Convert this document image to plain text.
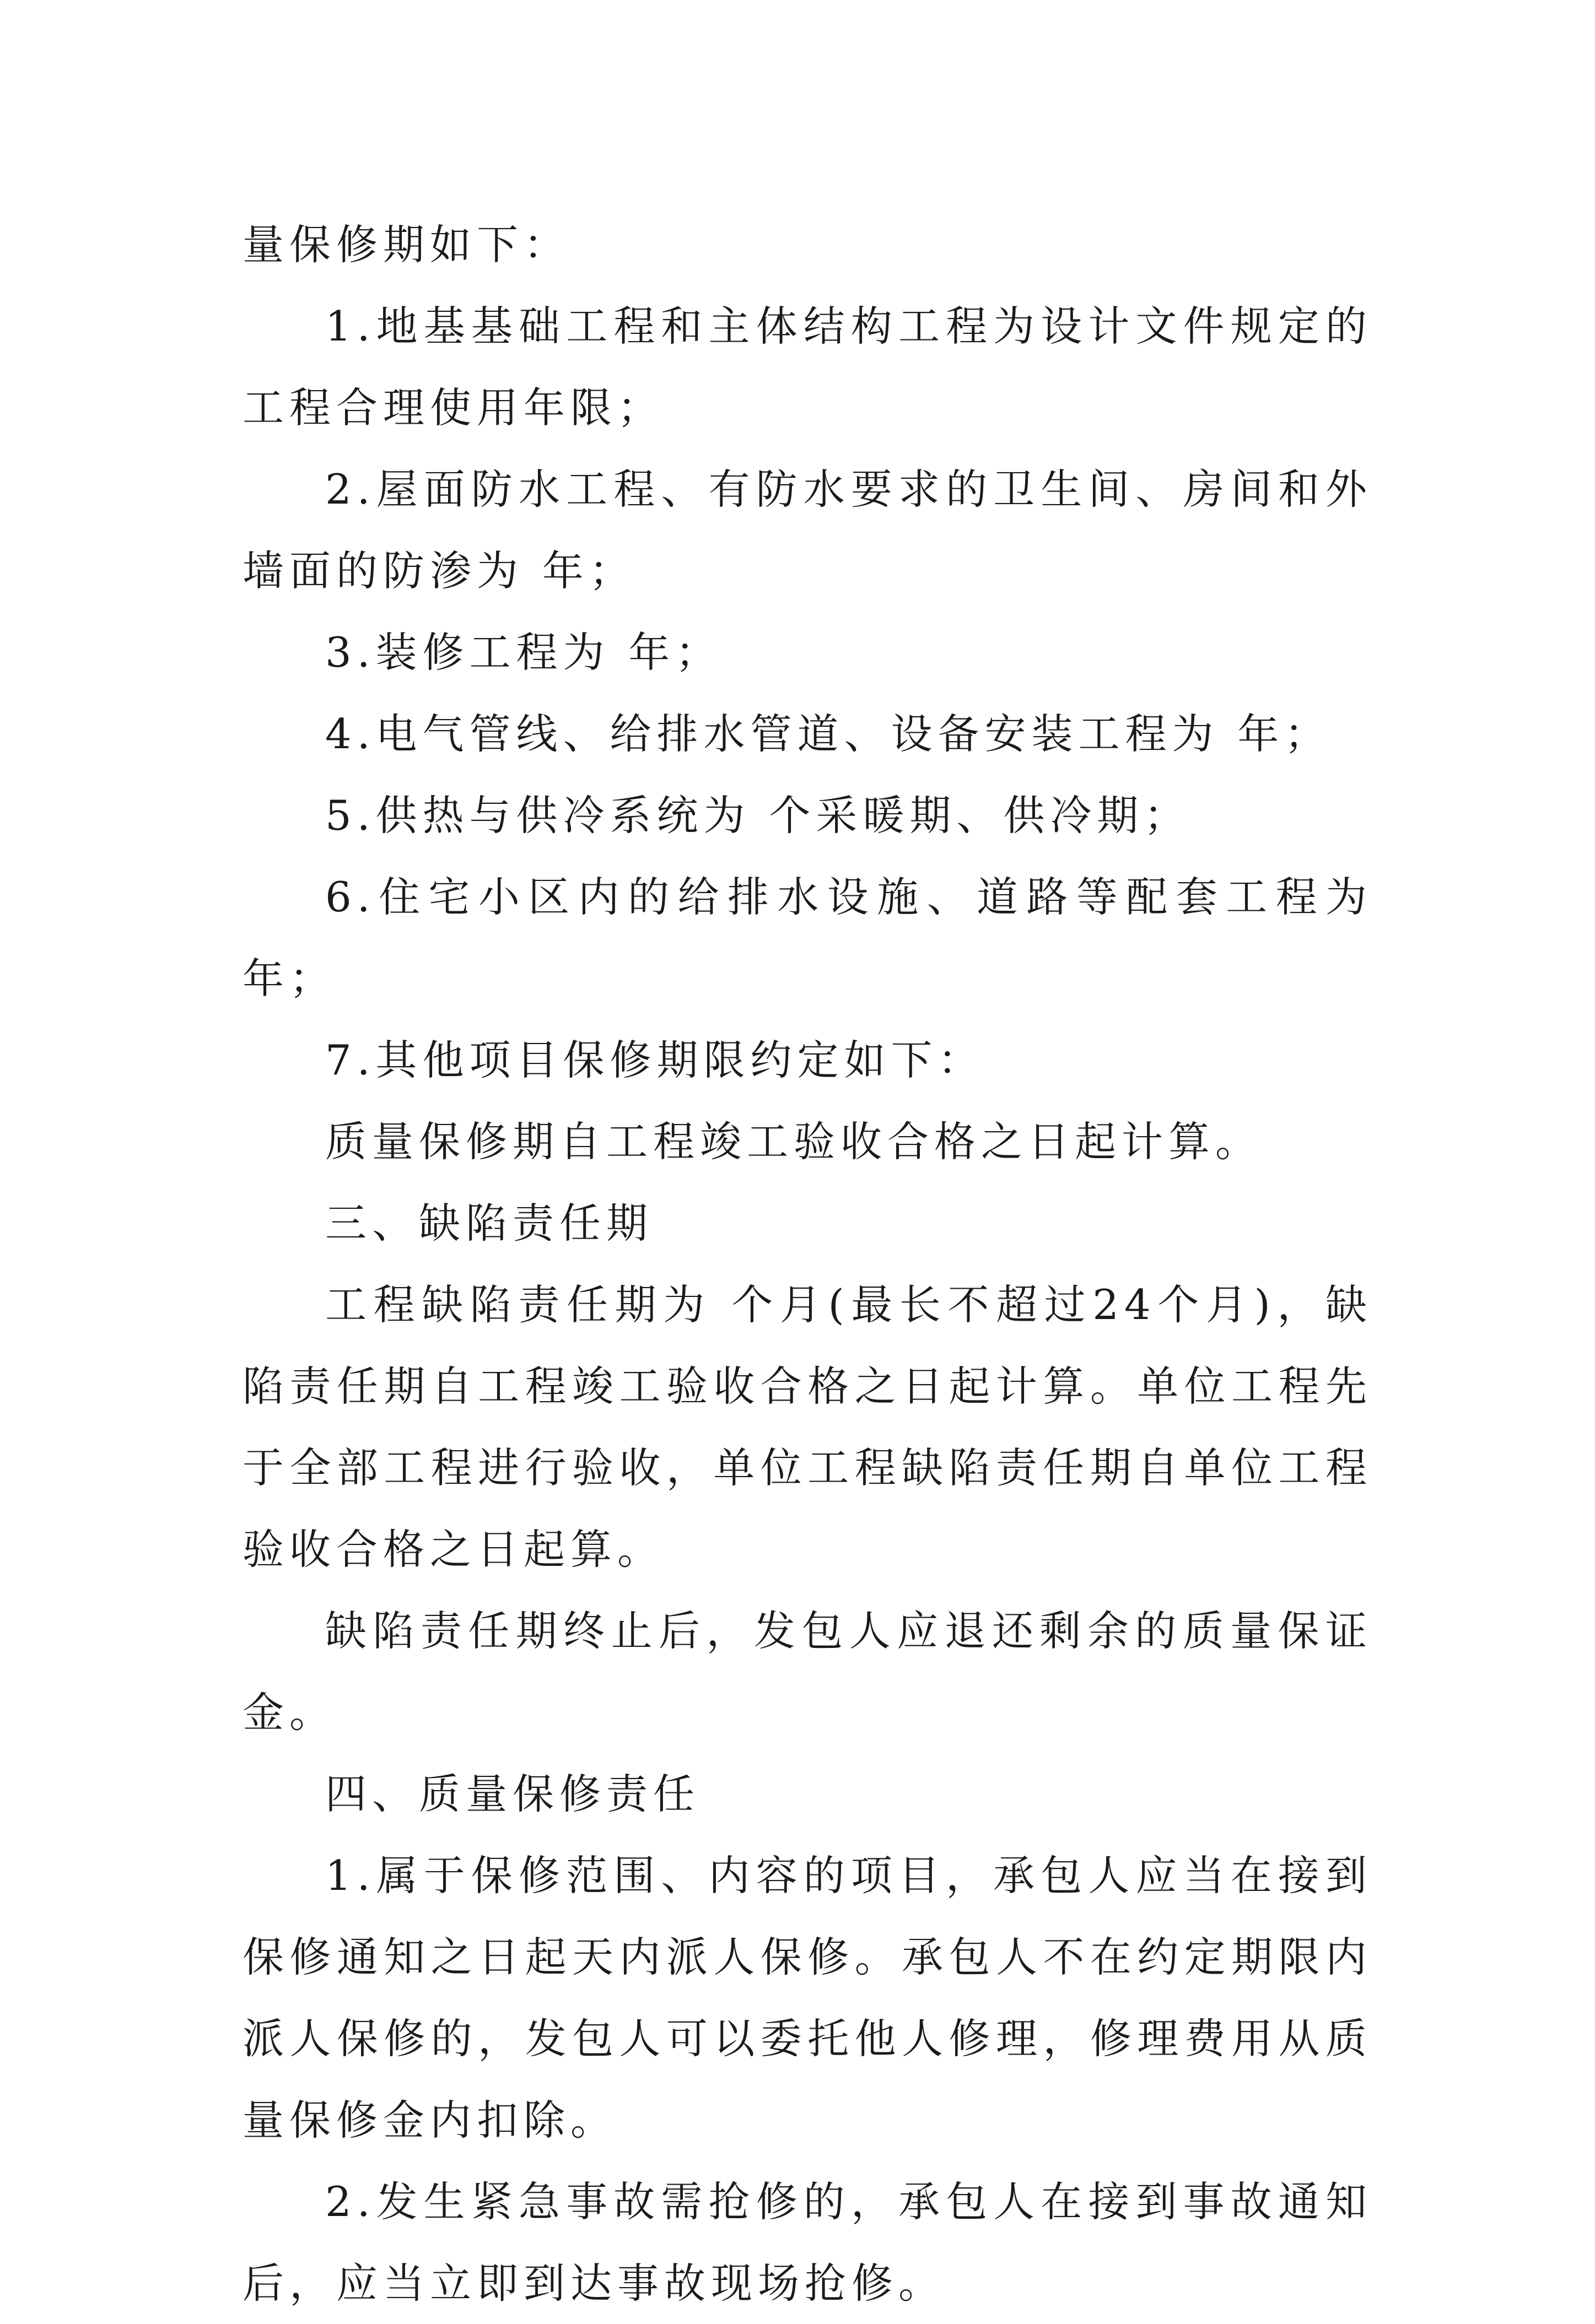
量保修期如下：

1.地基基础工程和主体结构工程为设计文件规定的工程合理使用年限；

2.屋面防水工程、有防水要求的卫生间、房间和外墙面的防渗为 年；

3.装修工程为 年；

4.电气管线、给排水管道、设备安装工程为 年；

5.供热与供冷系统为 个采暖期、供冷期；

6.住宅小区内的给排水设施、道路等配套工程为 年；

7.其他项目保修期限约定如下：

质量保修期自工程竣工验收合格之日起计算。

三、缺陷责任期

工程缺陷责任期为 个月(最长不超过24个月)，缺陷责任期自工程竣工验收合格之日起计算。单位工程先于全部工程进行验收，单位工程缺陷责任期自单位工程验收合格之日起算。

缺陷责任期终止后，发包人应退还剩余的质量保证金。

四、质量保修责任

1.属于保修范围、内容的项目，承包人应当在接到保修通知之日起天内派人保修。承包人不在约定期限内派人保修的，发包人可以委托他人修理，修理费用从质量保修金内扣除。

2.发生紧急事故需抢修的，承包人在接到事故通知后，应当立即到达事故现场抢修。
